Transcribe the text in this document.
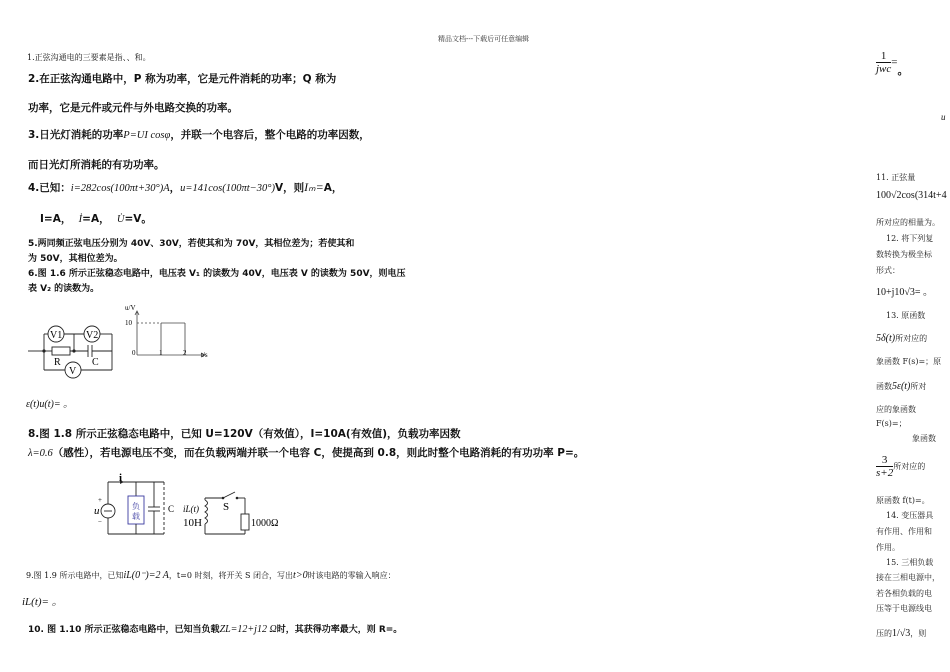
精品文档---下载后可任意编辑
1.正弦沟通电的三要素是指、、和。
2.在正弦沟通电路中，P 称为功率，它是元件消耗的功率；Q 称为
功率，它是元件或元件与外电路交换的功率。
3.日光灯消耗的功率P=UI cosφ，并联一个电容后，整个电路的功率因数，
而日光灯所消耗的有功功率。
4.已知：i=282cos(100πt+30°)A，u=141cos(100πt−30°)V，则Iₘ=A，
I=A， İ=A， U̇=V。
5.两同频正弦电压分别为 40V、30V，若使其和为 70V，其相位差为；若使其和
为 50V，其相位差为。
6.图 1.6 所示正弦稳态电路中，电压表 V₁ 的读数为 40V，电压表 V 的读数为 50V，则电压
表 V₂ 的读数为。
V1 V2
R	C
V
u/V
10
0	1	2 t/s
ε(t)u(t)= 。
8.图 1.8 所示正弦稳态电路中，已知 U=120V（有效值），I=10A(有效值)，负载功率因数
λ=0.6（感性），若电源电压不变，而在负载两端并联一个电容 C，使提高到 0.8，则此时整个电路消耗的有功功率 P=。
i
u
+
−
负
载
C iL(t)
10H
S
1000Ω
9.图 1.9 所示电路中，已知iL(0⁻)=2 A，t=0 时刻，将开关 S 闭合，写出t>0时该电路的零输入响应：
iL(t)= 。
10. 图 1.10 所示正弦稳态电路中，已知当负载ZL=12+j12 Ω时，其获得功率最大，则 R=。
1
jwc
$=_。$
u
11. 正弦量
100√2cos(314t+4
所对应的相量为。
12. 将下列复
数转换为极坐标
形式：
10+j10√3= 。
13. 原函数
5δ(t)所对应的
象函数 F(s)=；原
函数5ε(t)所对
应的象函数
F(s)=；
象函数
$\frac{3}{s+2}$ 所对应的
原函数 f(t)=。
14. 变压器具
有作用、作用和
作用。
15. 三相负载
接在三相电源中，
若各相负载的电
压等于电源线电
压的1/√3，则
